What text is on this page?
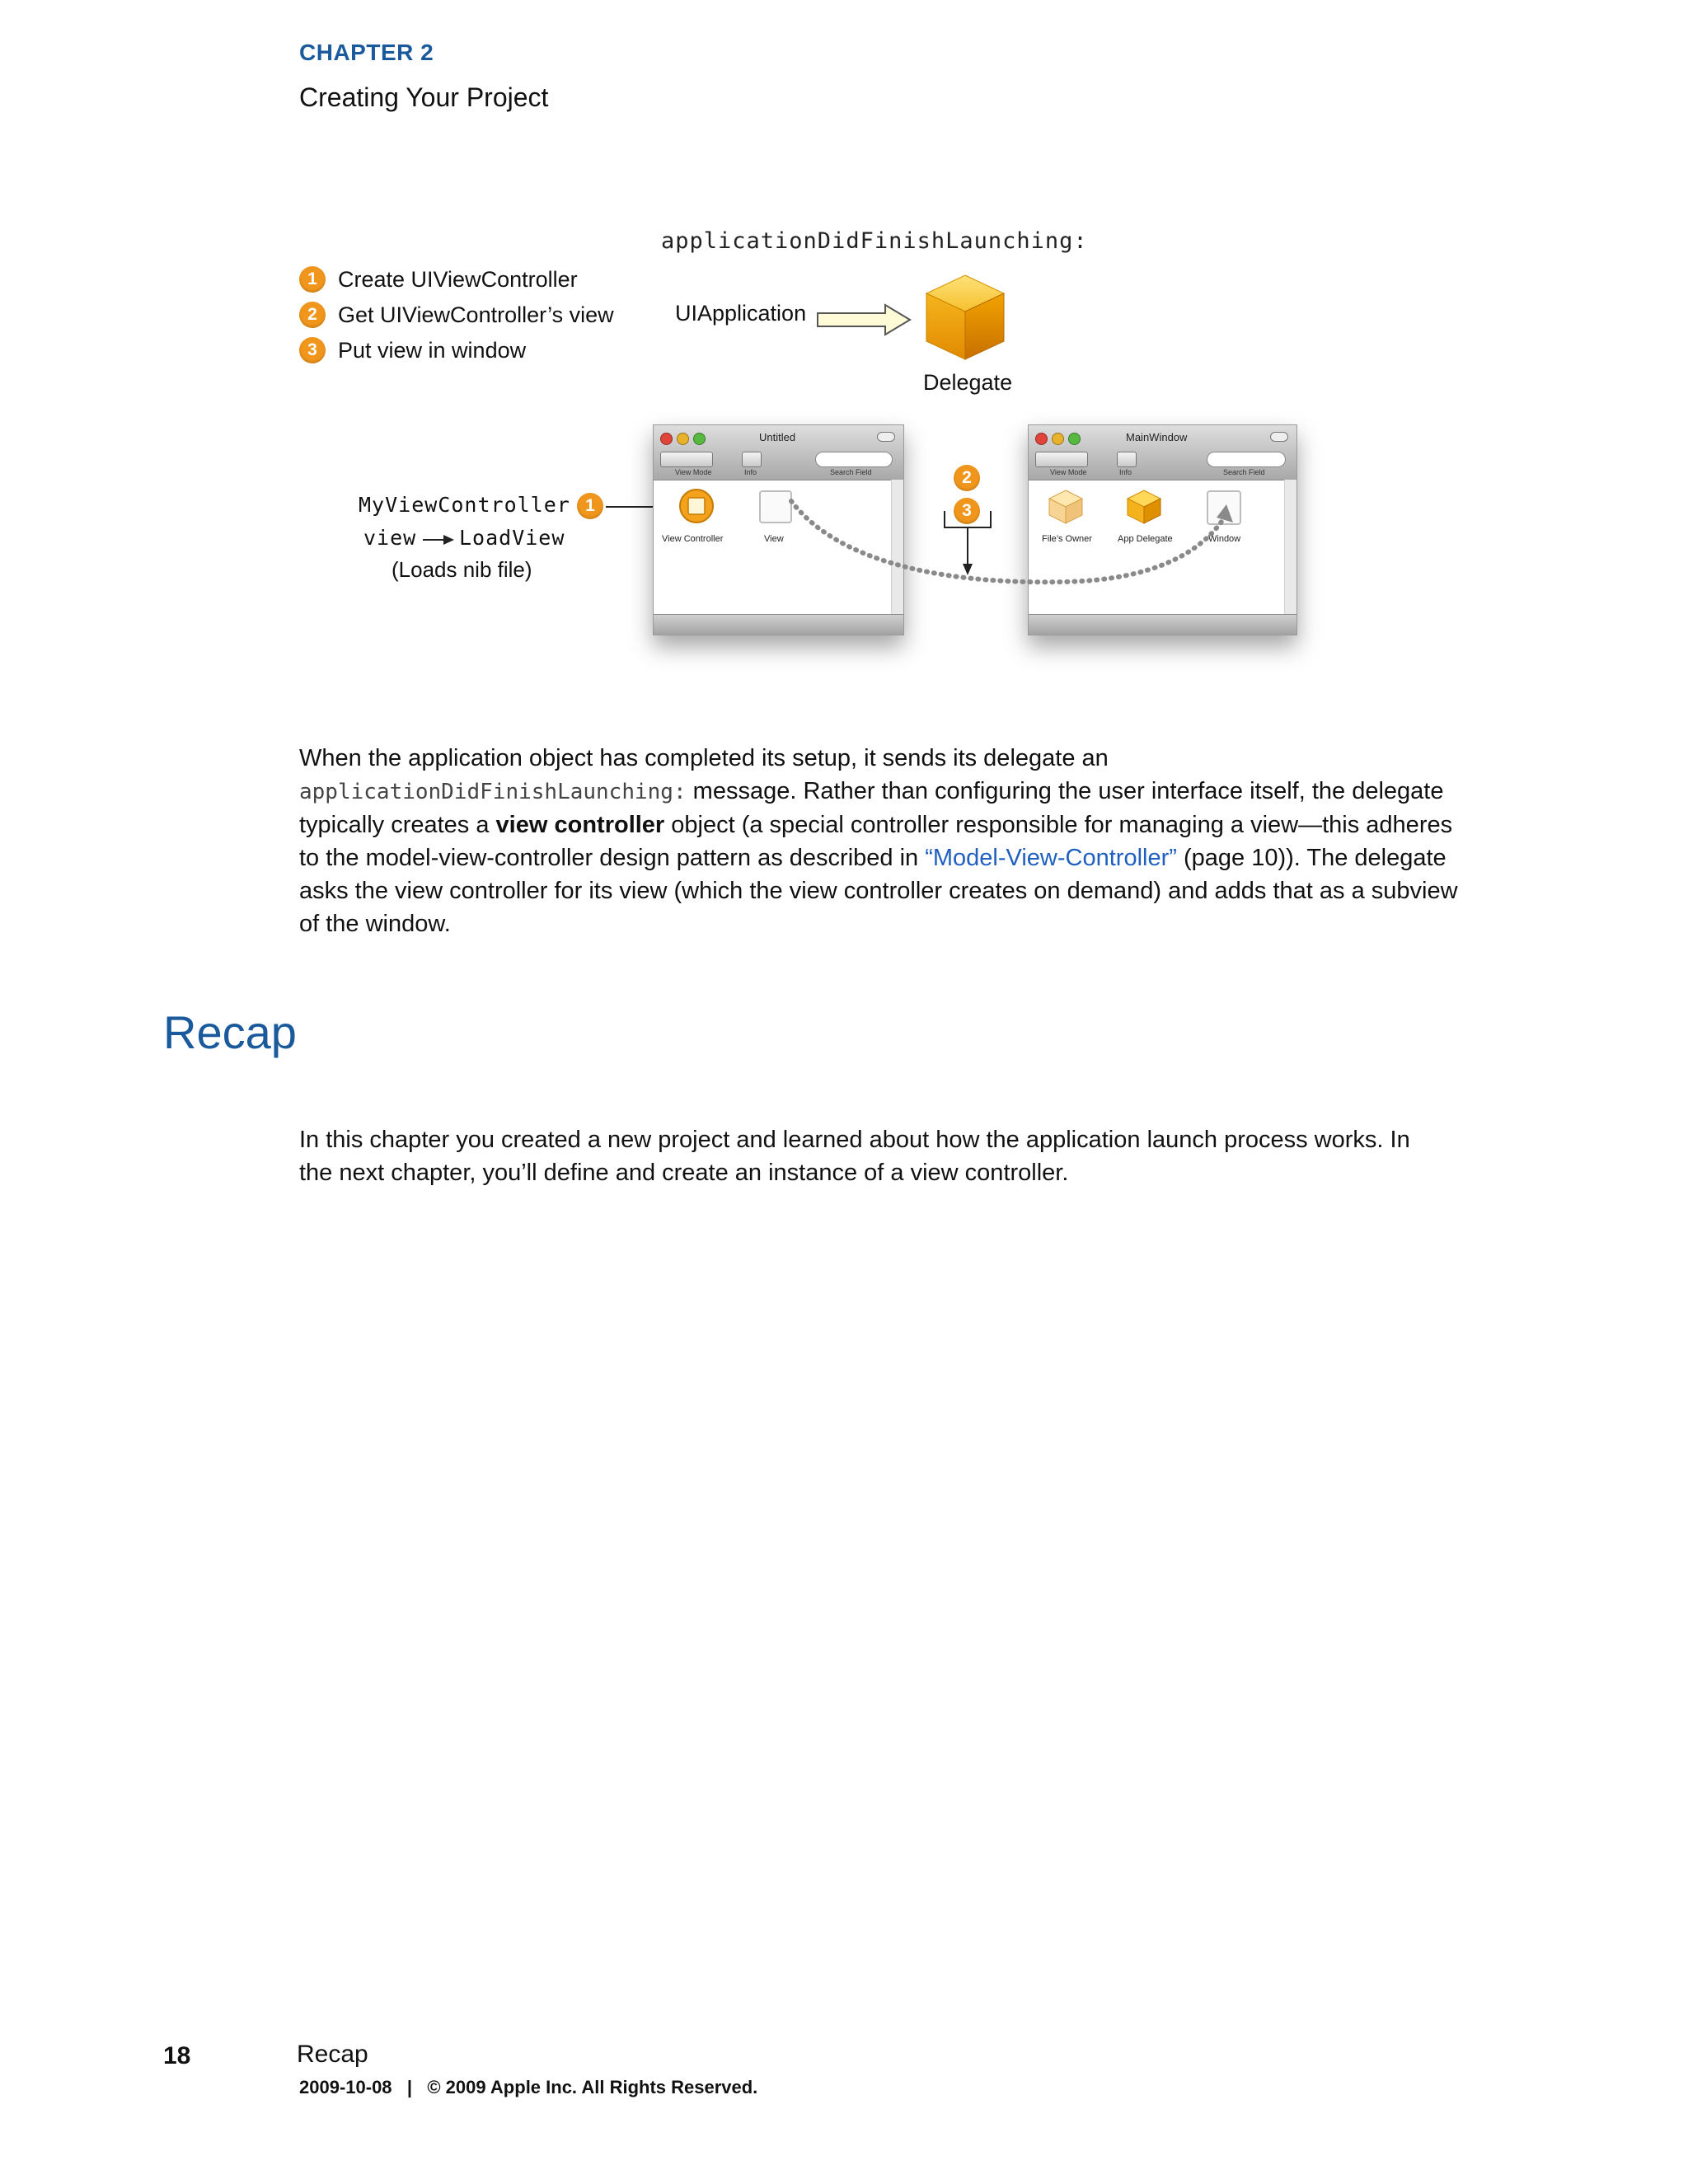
CHAPTER 2
Creating Your Project
applicationDidFinishLaunching:
1 Create UIViewController
2 Get UIViewController’s view
3 Put view in window
UIApplication
Delegate
MyViewController 1
view LoadView
(Loads nib file)
Untitled
View Mode	Info	Search Field
View Controller	View
MainWindow
View Mode	Info	Search Field
File’s Owner	App Delegate	Window
2
3
When the application object has completed its setup, it sends its delegate an
applicationDidFinishLaunching: message. Rather than configuring the user interface itself, the delegate
typically creates a view controller object (a special controller responsible for managing a view—this adheres
to the model-view-controller design pattern as described in “Model-View-Controller” (page 10)). The delegate
asks the view controller for its view (which the view controller creates on demand) and adds that as a subview
of the window.
Recap
In this chapter you created a new project and learned about how the application launch process works. In
the next chapter, you’ll define and create an instance of a view controller.
18	Recap
2009-10-08   |   © 2009 Apple Inc. All Rights Reserved.
